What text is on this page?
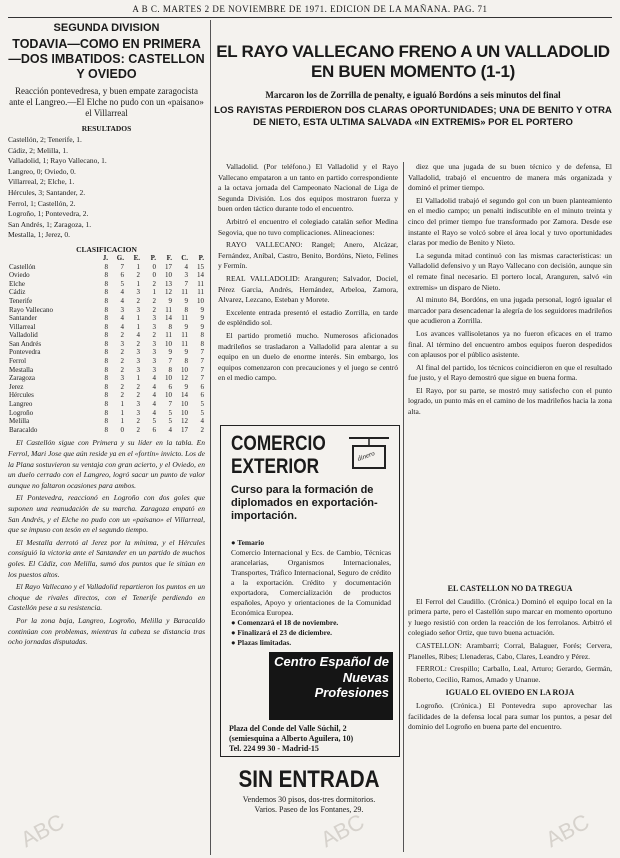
A B C. MARTES 2 DE NOVIEMBRE DE 1971. EDICION DE LA MAÑANA. PAG. 71
SEGUNDA DIVISION
TODAVIA—COMO EN PRIMERA—DOS IMBATIDOS: CASTELLON Y OVIEDO
Reacción pontevedresa, y buen empate zaragocista ante el Langreo.—El Elche no pudo con un «paisano» el Villarreal
RESULTADOS
Castellón, 2; Tenerife, 1.
Cádiz, 2; Melilla, 1.
Valladolid, 1; Rayo Vallecano, 1.
Langreo, 0; Oviedo, 0.
Villarreal, 2; Elche, 1.
Hércules, 3; Santander, 2.
Ferrol, 1; Castellón, 2.
Logroño, 1; Pontevedra, 2.
San Andrés, 1; Zaragoza, 1.
Mestalla, 1; Jerez, 0.
CLASIFICACION
	J.	G.	E.	P.	F.	C.	P.
Castellón	8	7	1	0	17	4	15
Oviedo	8	6	2	0	10	3	14
Elche	8	5	1	2	13	7	11
Cádiz	8	4	3	1	12	11	11
Tenerife	8	4	2	2	9	9	10
Rayo Vallecano	8	3	3	2	11	8	9
Santander	8	4	1	3	14	11	9
Villarreal	8	4	1	3	8	9	9
Valladolid	8	2	4	2	11	11	8
San Andrés	8	3	2	3	10	11	8
Pontevedra	8	2	3	3	9	9	7
Ferrol	8	2	3	3	7	8	7
Mestalla	8	2	3	3	8	10	7
Zaragoza	8	3	1	4	10	12	7
Jerez	8	2	2	4	6	9	6
Hércules	8	2	2	4	10	14	6
Langreo	8	1	3	4	7	10	5
Logroño	8	1	3	4	5	10	5
Melilla	8	1	2	5	5	12	4
Baracaldo	8	0	2	6	4	17	2

El Castellón sigue con Primera y su líder en la tabla. En Ferrol, Mari Jose que aún reside ya en el «fortín» invicto. Los de la Plana sostuvieron su ventaja con gran acierto, y el Oviedo, en un duelo cerrado con el Langreo, logró sacar un punto de valor aunque no faltaron ocasiones para ambos.

El Pontevedra, reaccionó en Logroño con dos goles que suponen una reanudación de su marcha. Zaragoza empató en San Andrés, y el Elche no pudo con un «paisano» el Villarreal, que se impuso con tesón en el segundo tiempo.

El Mestalla derrotó al Jerez por la mínima, y el Hércules consiguió la victoria ante el Santander en un partido de muchos goles. El Cádiz, con Melilla, sumó dos puntos que le sitúan en los puestos altos.

El Rayo Vallecano y el Valladolid repartieron los puntos en un choque de rivales directos, con el Tenerife perdiendo en Castellón pese a su resistencia.

Por la zona baja, Langreo, Logroño, Melilla y Baracaldo continúan con problemas, mientras la cabeza se distancia tras ocho jornadas disputadas.

EL RAYO VALLECANO FRENO A UN VALLADOLID EN BUEN MOMENTO (1-1)
Marcaron los de Zorrilla de penalty, e igualó Bordóns a seis minutos del final
LOS RAYISTAS PERDIERON DOS CLARAS OPORTUNIDADES; UNA DE BENITO Y OTRA DE NIETO, ESTA ULTIMA SALVADA «IN EXTREMIS» POR EL PORTERO

Valladolid. (Por teléfono.) El Valladolid y el Rayo Vallecano empataron a un tanto en partido correspondiente a la octava jornada del Campeonato Nacional de Liga de Segunda División. Los dos equipos mostraron fuerza y buen orden táctico durante todo el encuentro.

Arbitró el encuentro el colegiado catalán señor Medina Segovia, que no tuvo complicaciones. Alineaciones:

RAYO VALLECANO: Rangel; Anero, Alcázar, Fernández, Aníbal, Castro, Benito, Bordóns, Nieto, Felines y Fermín.

REAL VALLADOLID: Aranguren; Salvador, Dociel, Pérez Garcia, Andrés, Hernández, Arbeloa, Zamora, Alvarez, Lezcano, Esteban y Morete.

Excelente entrada presentó el estadio Zorrilla, en tarde de espléndido sol.

El partido prometió mucho. Numerosos aficionados madrileños se trasladaron a Valladolid para alentar a su equipo en un duelo de enorme interés. Sin embargo, los equipos comenzaron con precauciones y el juego se centró en el medio campo.

diez que una jugada de su buen técnico y de defensa, El Valladolid, trabajó el encuentro de manera más organizada y dominó el primer tiempo.

El Valladolid trabajó el segundo gol con un buen planteamiento en el medio campo; un penalti indiscutible en el minuto treinta y cinco del primer tiempo fue transformado por Zamora. Desde ese instante el Rayo se volcó sobre el área local y tuvo oportunidades claras por medio de Benito y Nieto.

La segunda mitad continuó con las mismas características: un Valladolid defensivo y un Rayo Vallecano con decisión, aunque sin el remate final necesario. El portero local, Aranguren, salvó «in extremis» un disparo de Nieto.

Al minuto 84, Bordóns, en una jugada personal, logró igualar el marcador para desencadenar la alegría de los seguidores madrileños que acudieron a Zorrilla.

Los avances vallisoletanos ya no fueron eficaces en el tramo final. Al término del encuentro ambos equipos fueron despedidos con aplausos por el público asistente.

Al final del partido, los técnicos coincidieron en que el resultado fue justo, y el Rayo demostró que sigue en buena forma.

El Rayo, por su parte, se mostró muy satisfecho con el punto logrado, un punto más en el camino de los madrileños hacia la zona alta.

EL CASTELLON NO DA TREGUA

El Ferrol del Caudillo. (Crónica.) Dominó el equipo local en la primera parte, pero el Castellón supo marcar en momento oportuno y luego resistió con orden la reacción de los ferrolanos. Arbitró el colegiado señor Ortiz, que tuvo buena actuación.

CASTELLON: Arambarri; Corral, Balaguer, Forés; Cervera, Planelles, Ribes; Llenaderas, Cabo, Clares, Leandro y Pérez.

FERROL: Crespillo; Carballo, Leal, Arturo; Gerardo, Germán, Roberto, Cecilio, Ramos, Amado y Unanue.

IGUALO EL OVIEDO EN LA ROJA

Logroño. (Crónica.) El Pontevedra supo aprovechar las facilidades de la defensa local para sumar los puntos, a pesar del dominio del Logroño en buena parte del encuentro.

COMERCIO
EXTERIOR	dinero
Curso para la formación de diplomados en exportación-importación.
● Temario
Comercio Internacional y Ecs. de Cambio, Técnicas arancelarias, Organismos Internacionales, Transportes, Tráfico Internacional, Seguro de crédito a la exportación. Crédito y documentación exportadora, Comercialización de productos españoles, Apoyo y orientaciones de la Comunidad Económica Europea.
● Comenzará el 18 de noviembre.
● Finalizará el 23 de diciembre.
● Plazas limitadas.
Centro Español de Nuevas Profesiones
Plaza del Conde del Valle Súchil, 2 (semiesquina a Alberto Aguilera, 10)
Tel. 224 99 30 - Madrid-15
SIN ENTRADA
Vendemos 30 pisos, dos-tres dormitorios.
Varios. Paseo de los Fontanes, 29.
ABC	ABC	ABC
